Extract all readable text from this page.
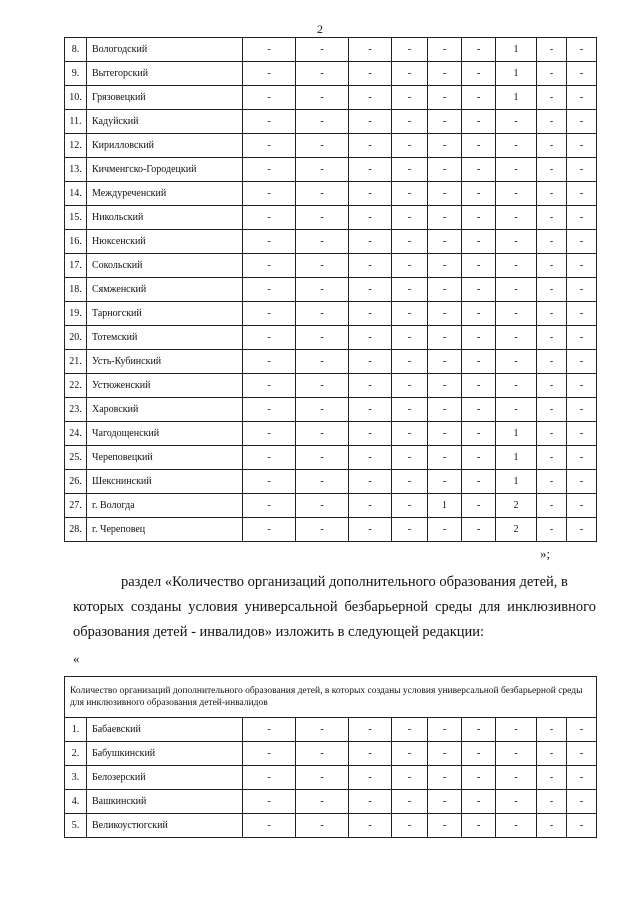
2
8.	Вологодский	-	-	-	-	-	-	1	-	-
9.	Вытегорский	-	-	-	-	-	-	1	-	-
10.	Грязовецкий	-	-	-	-	-	-	1	-	-
11.	Кадуйский	-	-	-	-	-	-	-	-	-
12.	Кирилловский	-	-	-	-	-	-	-	-	-
13.	Кичменгско-Городецкий	-	-	-	-	-	-	-	-	-
14.	Междуреченский	-	-	-	-	-	-	-	-	-
15.	Никольский	-	-	-	-	-	-	-	-	-
16.	Нюксенский	-	-	-	-	-	-	-	-	-
17.	Сокольский	-	-	-	-	-	-	-	-	-
18.	Сямженский	-	-	-	-	-	-	-	-	-
19.	Тарногский	-	-	-	-	-	-	-	-	-
20.	Тотемский	-	-	-	-	-	-	-	-	-
21.	Усть-Кубинский	-	-	-	-	-	-	-	-	-
22.	Устюженский	-	-	-	-	-	-	-	-	-
23.	Харовский	-	-	-	-	-	-	-	-	-
24.	Чагодощенский	-	-	-	-	-	-	1	-	-
25.	Череповецкий	-	-	-	-	-	-	1	-	-
26.	Шекснинский	-	-	-	-	-	-	1	-	-
27.	г. Вологда	-	-	-	-	1	-	2	-	-
28.	г. Череповец	-	-	-	-	-	-	2	-	-
»;
раздел «Количество организаций дополнительного образования детей, в
которых созданы условия универсальной безбарьерной среды для инклюзивного образования детей - инвалидов» изложить в следующей редакции:
«
Количество организаций дополнительного образования детей, в которых созданы условия универсальной безбарьерной среды для инклюзивного образования детей-инвалидов										
1.	Бабаевский	-	-	-	-	-	-	-	-	-
2.	Бабушкинский	-	-	-	-	-	-	-	-	-
3.	Белозерский	-	-	-	-	-	-	-	-	-
4.	Вашкинский	-	-	-	-	-	-	-	-	-
5.	Великоустюгский	-	-	-	-	-	-	-	-	-
